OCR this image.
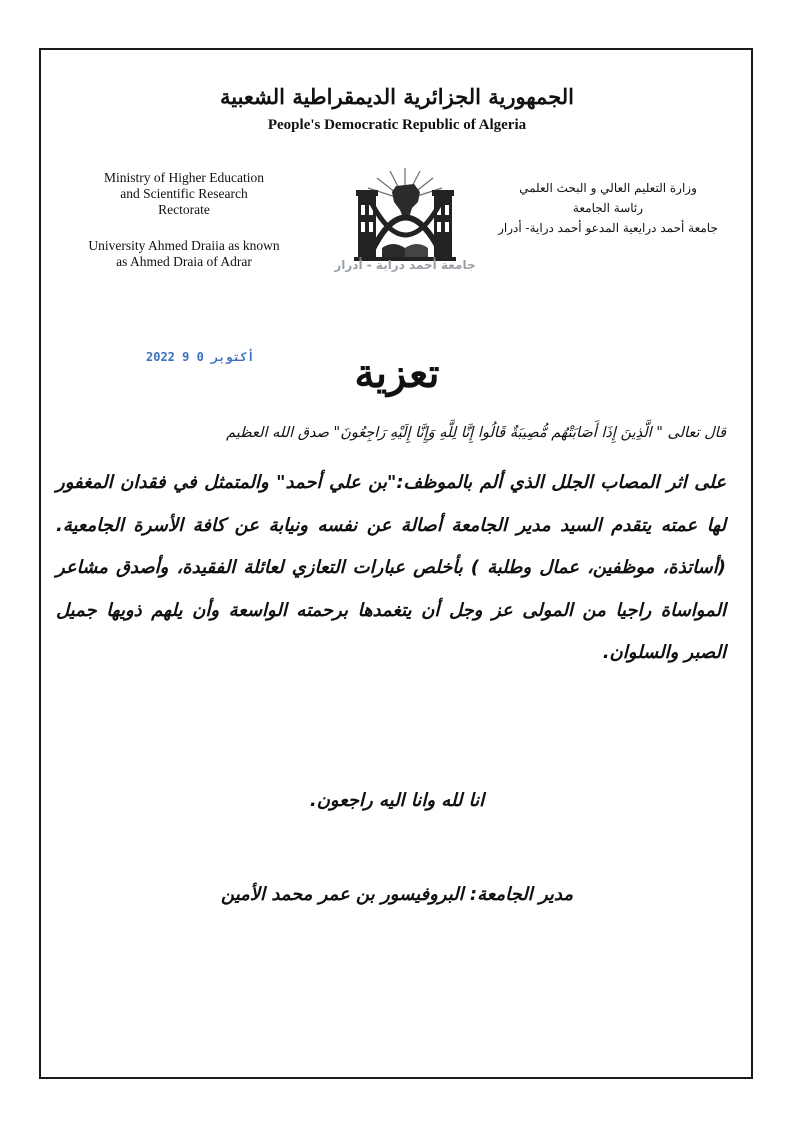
الجمهورية الجزائرية الديمقراطية الشعبية
People's Democratic Republic of Algeria
Ministry of Higher Education
and Scientific Research
Rectorate
University Ahmed Draiia as known
as Ahmed Draia of Adrar
وزارة التعليم العالي و البحث العلمي
رئاسة الجامعة
جامعة أحمد درايعية المدعو أحمد دراية- أدرار
جامعة أحمد دراية - أدرار
2022 أكتوبر 0 9	تعزية
قال تعالى " الَّذِينَ إِذَا أَصَابَتْهُم مُّصِيبَةٌ قَالُوا إِنَّا لِلَّهِ وَإِنَّا إِلَيْهِ رَاجِعُونَ" صدق الله العظيم

على اثر المصاب الجلل الذي ألم بالموظف:"بن علي أحمد" والمتمثل في فقدان المغفور لها عمته يتقدم السيد مدير الجامعة أصالة عن نفسه ونيابة عن كافة الأسرة الجامعية.(أساتذة، موظفين، عمال وطلبة ) بأخلص عبارات التعازي لعائلة الفقيدة، وأصدق مشاعر المواساة راجيا من المولى عز وجل أن يتغمدها برحمته الواسعة وأن يلهم ذويها جميل الصبر والسلوان.

انا لله وانا اليه راجعون.
مدير الجامعة: البروفيسور بن عمر محمد الأمين
